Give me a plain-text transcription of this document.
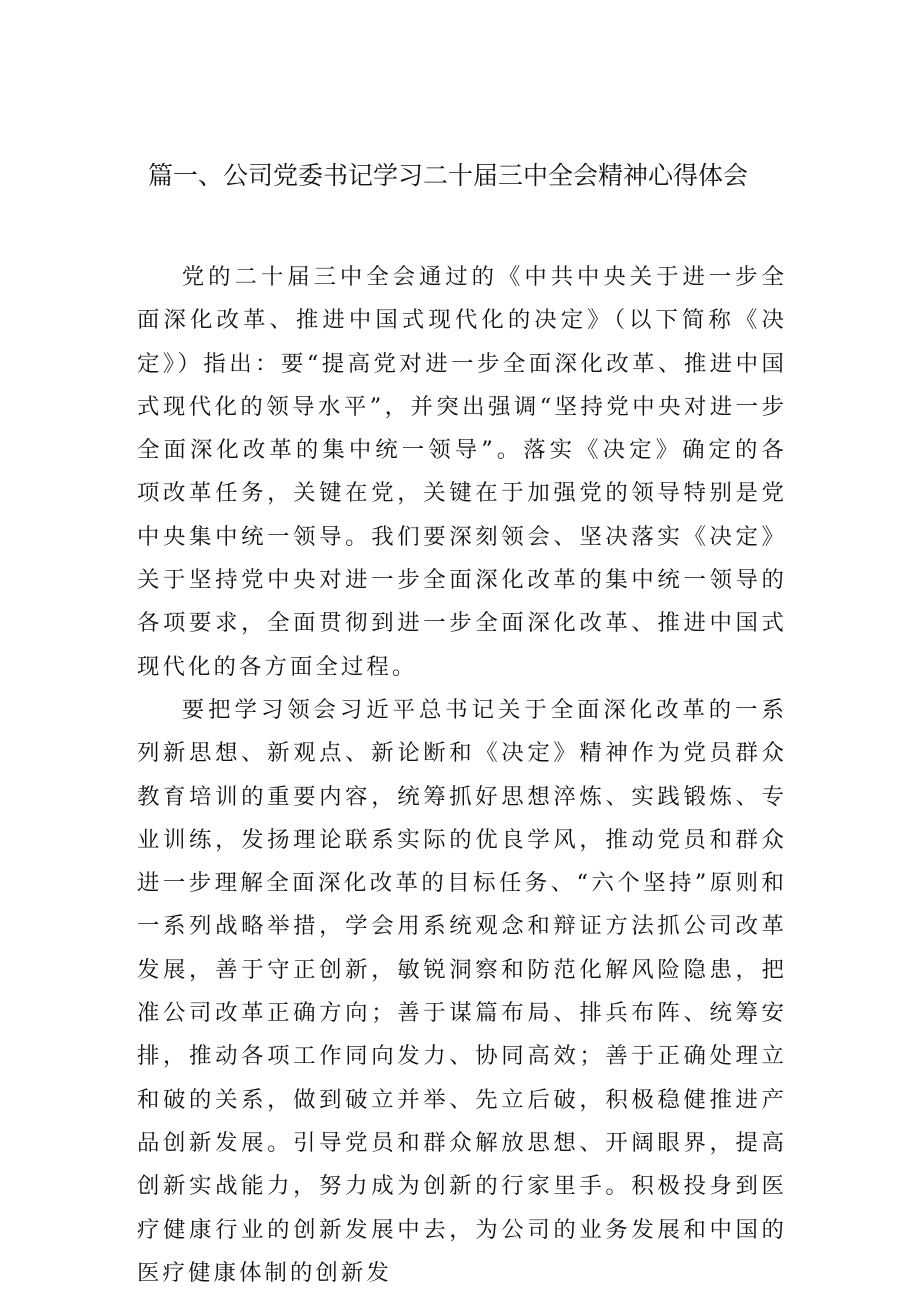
篇一、公司党委书记学习二十届三中全会精神心得体会

党的二十届三中全会通过的《中共中央关于进一步全面深化改革、推进中国式现代化的决定》（以下简称《决定》）指出：要“提高党对进一步全面深化改革、推进中国式现代化的领导水平”，并突出强调“坚持党中央对进一步全面深化改革的集中统一领导”。落实《决定》确定的各项改革任务，关键在党，关键在于加强党的领导特别是党中央集中统一领导。我们要深刻领会、坚决落实《决定》关于坚持党中央对进一步全面深化改革的集中统一领导的各项要求，全面贯彻到进一步全面深化改革、推进中国式现代化的各方面全过程。

要把学习领会习近平总书记关于全面深化改革的一系列新思想、新观点、新论断和《决定》精神作为党员群众教育培训的重要内容，统筹抓好思想淬炼、实践锻炼、专业训练，发扬理论联系实际的优良学风，推动党员和群众进一步理解全面深化改革的目标任务、“六个坚持”原则和一系列战略举措，学会用系统观念和辩证方法抓公司改革发展，善于守正创新，敏锐洞察和防范化解风险隐患，把准公司改革正确方向；善于谋篇布局、排兵布阵、统筹安排，推动各项工作同向发力、协同高效；善于正确处理立和破的关系，做到破立并举、先立后破，积极稳健推进产品创新发展。引导党员和群众解放思想、开阔眼界，提高创新实战能力，努力成为创新的行家里手。积极投身到医疗健康行业的创新发展中去，为公司的业务发展和中国的医疗健康体制的创新发
